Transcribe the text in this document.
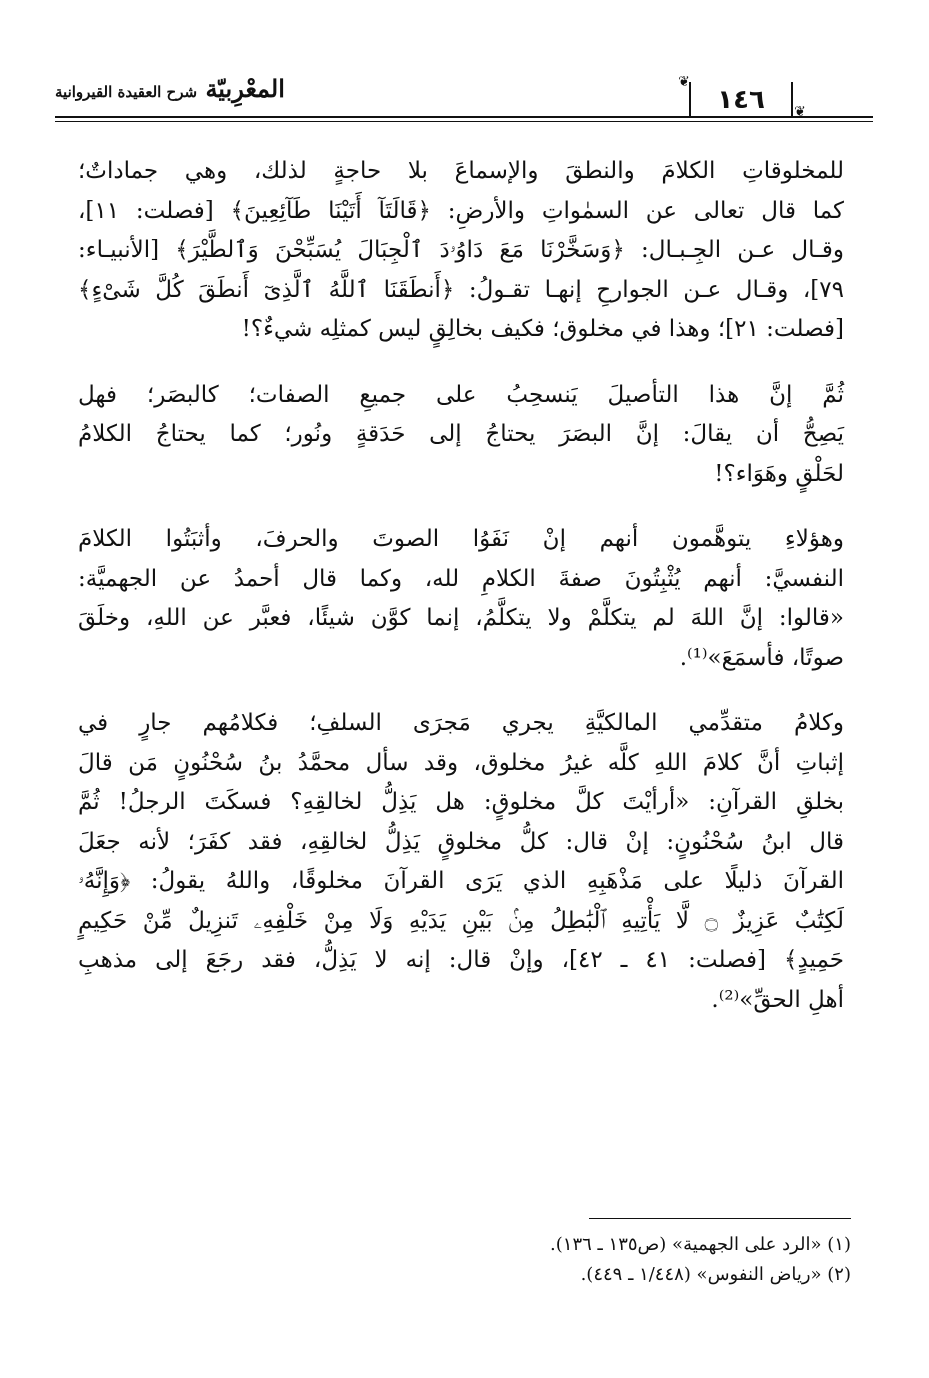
المعْرِبيّة شرح العقيدة القيروانية
❦
١٤٦	❦
للمخلوقاتِ الكلامَ والنطقَ والإسماعَ بلا حاجةٍ لذلك، وهي جماداتٌ؛
كما قال تعالى عن السمٰواتِ والأرضِ: ﴿قَالَتَآ أَتَيْنَا طَآئِعِينَ﴾ [فصلت: ١١]،
وقـال عـن الجِـبـال: ﴿وَسَخَّرْنَا مَعَ دَاوُۥدَ ٱلْجِبَالَ يُسَبِّحْنَ وَٱلطَّيْرَ﴾ [الأنبيـاء:
٧٩]، وقـال عـن الجوارحِ إنهـا تقـولُ: ﴿أَنطَقَنَا ٱللَّهُ ٱلَّذِىٓ أَنطَقَ كُلَّ شَىْءٍ﴾
[فصلت: ٢١]؛ وهذا في مخلوق؛ فكيف بخالِقٍ ليس كمثلِه شيءٌ؟!
ثُمَّ إنَّ هذا التأصيلَ يَنسحِبُ على جميعِ الصفات؛ كالبصَر؛ فهل
يَصِحُّ أن يقالَ: إنَّ البصَرَ يحتاجُ إلى حَدَقةٍ ونُور؛ كما يحتاجُ الكلامُ
لحَلْقٍ وهَوَاء؟!
وهؤلاءِ يتوهَّمون أنهم إنْ نَفَوُا الصوتَ والحرفَ، وأثبَتُوا الكلامَ
النفسيَّ: أنهم يُثْبِتُونَ صفةَ الكلامِ لله، وكما قال أحمدُ عن الجهميَّة:
«قالوا: إنَّ اللهَ لم يتكلَّمْ ولا يتكلَّمُ، إنما كوَّن شيئًا، فعبَّر عن اللهِ، وخلَقَ
صوتًا، فأسمَعَ»⁽¹⁾.
وكلامُ متقدِّمي المالكيَّةِ يجري مَجرَى السلفِ؛ فكلامُهم جارٍ في
إثباتِ أنَّ كلامَ اللهِ كلَّه غيرُ مخلوق، وقد سأل محمَّدُ بنُ سُحْنُونٍ مَن قالَ
بخلقِ القرآنِ: «أرأيْتَ كلَّ مخلوقٍ: هل يَذِلُّ لخالقِهِ؟ فسكَتَ الرجلُ! ثُمَّ
قال ابنُ سُحْنُونٍ: إنْ قال: كلُّ مخلوقٍ يَذِلُّ لخالقِهِ، فقد كفَرَ؛ لأنه جعَلَ
القرآنَ ذليلًا على مَذْهَبِهِ الذي يَرَى القرآنَ مخلوقًا، واللهُ يقولُ: ﴿وَإِنَّهُۥ
لَكِتَٰبٌ عَزِيزٌ ۝ لَّا يَأْتِيهِ ٱلْبَٰطِلُ مِنۢ بَيْنِ يَدَيْهِ وَلَا مِنْ خَلْفِهِۦ تَنزِيلٌ مِّنْ حَكِيمٍ
حَمِيدٍ﴾ [فصلت: ٤١ ـ ٤٢]، وإنْ قال: إنه لا يَذِلُّ، فقد رجَعَ إلى مذهبِ
أهلِ الحقِّ»⁽²⁾.
(١) «الرد على الجهمية» (ص١٣٥ ـ ١٣٦).
(٢) «رياض النفوس» (١/٤٤٨ ـ ٤٤٩).
